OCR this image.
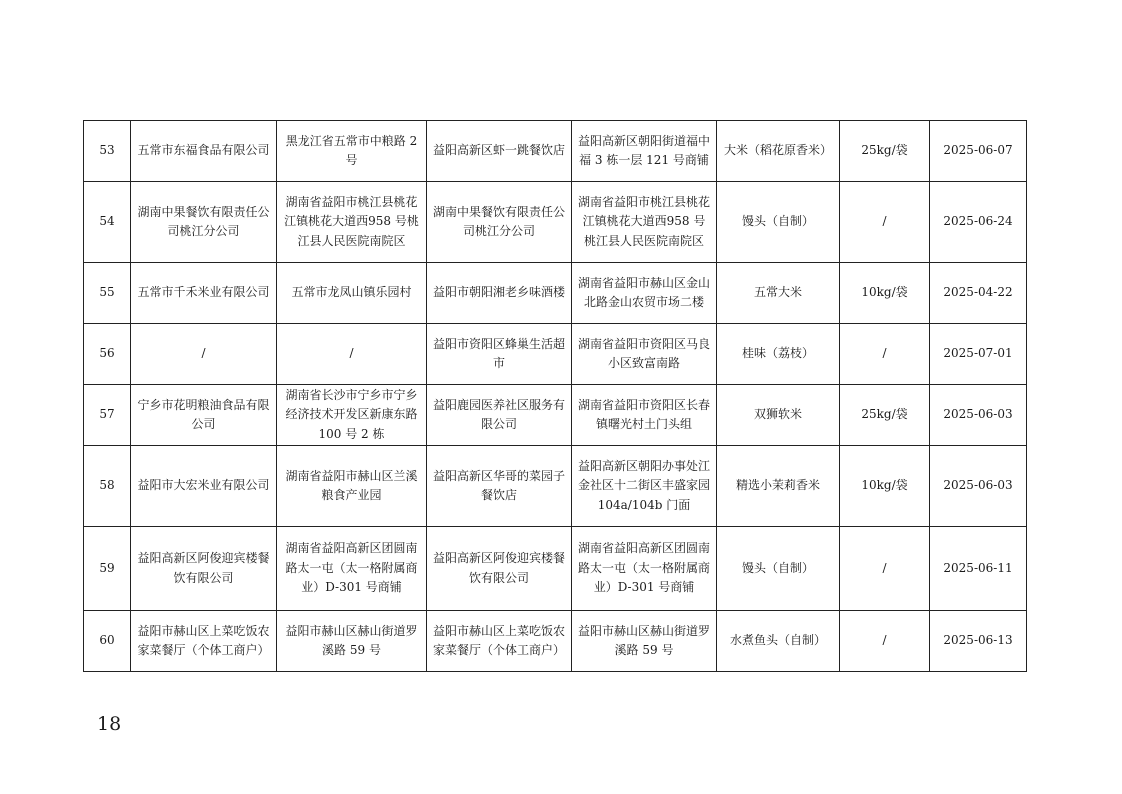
53	五常市东福食品有限公司	黑龙江省五常市中粮路 2 号	益阳高新区虾一跳餐饮店	益阳高新区朝阳街道福中福 3 栋一层 121 号商铺	大米（稻花原香米）	25kg/袋	2025-06-07
54	湖南中果餐饮有限责任公司桃江分公司	湖南省益阳市桃江县桃花江镇桃花大道西958 号桃江县人民医院南院区	湖南中果餐饮有限责任公司桃江分公司	湖南省益阳市桃江县桃花江镇桃花大道西958 号桃江县人民医院南院区	馒头（自制）	/	2025-06-24
55	五常市千禾米业有限公司	五常市龙凤山镇乐园村	益阳市朝阳湘老乡味酒楼	湖南省益阳市赫山区金山北路金山农贸市场二楼	五常大米	10kg/袋	2025-04-22
56	/	/	益阳市资阳区蜂巢生活超市	湖南省益阳市资阳区马良小区致富南路	桂味（荔枝）	/	2025-07-01
57	宁乡市花明粮油食品有限公司	湖南省长沙市宁乡市宁乡经济技术开发区新康东路 100 号 2 栋	益阳鹿园医养社区服务有限公司	湖南省益阳市资阳区长春镇曙光村土门头组	双狮软米	25kg/袋	2025-06-03
58	益阳市大宏米业有限公司	湖南省益阳市赫山区兰溪粮食产业园	益阳高新区华哥的菜园子餐饮店	益阳高新区朝阳办事处江金社区十二街区丰盛家园 104a/104b 门面	精选小茉莉香米	10kg/袋	2025-06-03
59	益阳高新区阿俊迎宾楼餐饮有限公司	湖南省益阳高新区团圆南路太一屯（太一格附属商业）D-301 号商铺	益阳高新区阿俊迎宾楼餐饮有限公司	湖南省益阳高新区团圆南路太一屯（太一格附属商业）D-301 号商铺	馒头（自制）	/	2025-06-11
60	益阳市赫山区上菜吃饭农家菜餐厅（个体工商户）	益阳市赫山区赫山街道罗溪路 59 号	益阳市赫山区上菜吃饭农家菜餐厅（个体工商户）	益阳市赫山区赫山街道罗溪路 59 号	水煮鱼头（自制）	/	2025-06-13
18
